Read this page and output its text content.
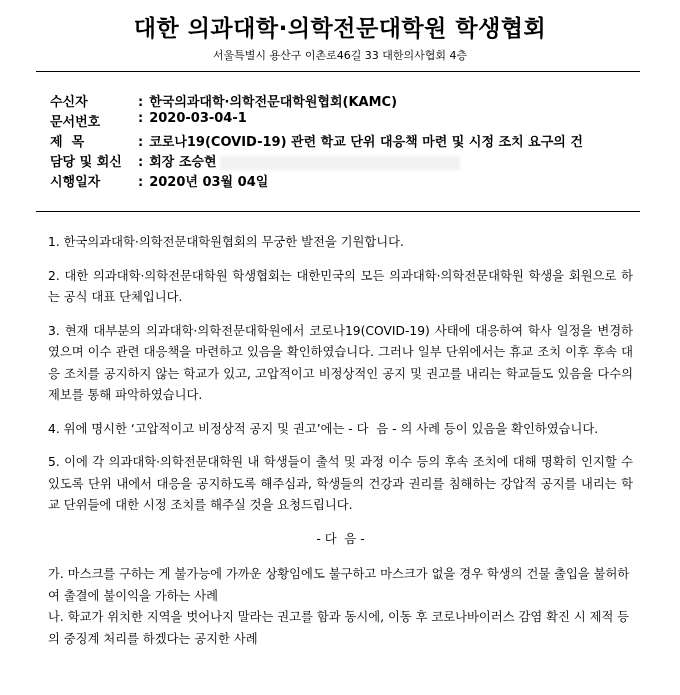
대한 의과대학·의학전문대학원 학생협회
서울특별시 용산구 이촌로46길 33 대한의사협회 4층
수신자	: 한국의과대학·의학전문대학원협회(KAMC)
문서번호	: 2020-03-04-1
제  목	: 코로나19(COVID-19) 관련 학교 단위 대응책 마련 및 시정 조치 요구의 건
담당 및 회신 : 회장 조승현
시행일자	: 2020년 03월 04일

1. 한국의과대학·의학전문대학원협회의 무궁한 발전을 기원합니다.

2. 대한 의과대학·의학전문대학원 학생협회는 대한민국의 모든 의과대학·의학전문대학원 학생을 회원으로 하는 공식 대표 단체입니다.

3. 현재 대부분의 의과대학·의학전문대학원에서 코로나19(COVID-19) 사태에 대응하여 학사 일정을 변경하였으며 이수 관련 대응책을 마련하고 있음을 확인하였습니다. 그러나 일부 단위에서는 휴교 조치 이후 후속 대응 조치를 공지하지 않는 학교가 있고, 고압적이고 비정상적인 공지 및 권고를 내리는 학교들도 있음을 다수의 제보를 통해 파악하였습니다.

4. 위에 명시한 ‘고압적이고 비정상적 공지 및 권고’에는 - 다  음 - 의 사례 등이 있음을 확인하였습니다.

5. 이에 각 의과대학·의학전문대학원 내 학생들이 출석 및 과정 이수 등의 후속 조치에 대해 명확히 인지할 수 있도록 단위 내에서 대응을 공지하도록 해주심과, 학생들의 건강과 권리를 침해하는 강압적 공지를 내리는 학교 단위들에 대한 시정 조치를 해주실 것을 요청드립니다.

- 다  음 -

가. 마스크를 구하는 게 불가능에 가까운 상황임에도 불구하고 마스크가 없을 경우 학생의 건물 출입을 불허하여 출결에 불이익을 가하는 사례

나. 학교가 위치한 지역을 벗어나지 말라는 권고를 함과 동시에, 이동 후 코로나바이러스 감염 확진 시 제적 등의 중징계 처리를 하겠다는 공지한 사례
